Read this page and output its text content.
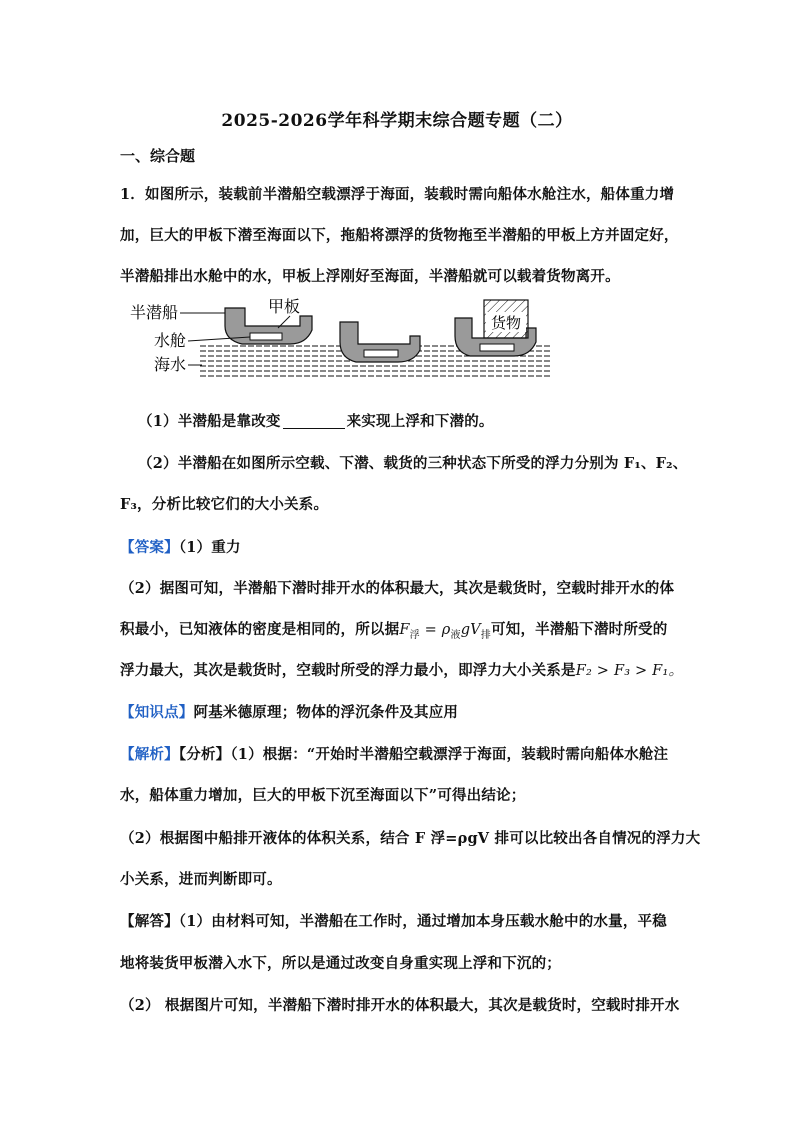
2025-2026学年科学期末综合题专题（二）
一、综合题
1．如图所示，装载前半潜船空载漂浮于海面，装载时需向船体水舱注水，船体重力增
加，巨大的甲板下潜至海面以下，拖船将漂浮的货物拖至半潜船的甲板上方并固定好，
半潜船排出水舱中的水，甲板上浮刚好至海面，半潜船就可以载着货物离开。
货物
半潜船	甲板
水舱
海水
（1）半潜船是靠改变	来实现上浮和下潜的。
（2）半潜船在如图所示空载、下潜、载货的三种状态下所受的浮力分别为 F₁、F₂、
F₃，分析比较它们的大小关系。
【答案】（1）重力
（2）据图可知，半潜船下潜时排开水的体积最大，其次是载货时，空载时排开水的体
积最小，已知液体的密度是相同的，所以据$F_浮 = \rho_液gV_排$可知，半潜船下潜时所受的
浮力最大，其次是载货时，空载时所受的浮力最小，即浮力大小关系是F₂ > F₃ > F₁。
【知识点】阿基米德原理；物体的浮沉条件及其应用
【解析】【分析】（1）根据：“开始时半潜船空载漂浮于海面，装载时需向船体水舱注
水，船体重力增加，巨大的甲板下沉至海面以下”可得出结论；
（2）根据图中船排开液体的体积关系，结合 F 浮=ρgV 排可以比较出各自情况的浮力大
小关系，进而判断即可。
【解答】（1）由材料可知，半潜船在工作时，通过增加本身压载水舱中的水量，平稳
地将装货甲板潜入水下，所以是通过改变自身重实现上浮和下沉的；
（2） 根据图片可知，半潜船下潜时排开水的体积最大，其次是载货时，空载时排开水
